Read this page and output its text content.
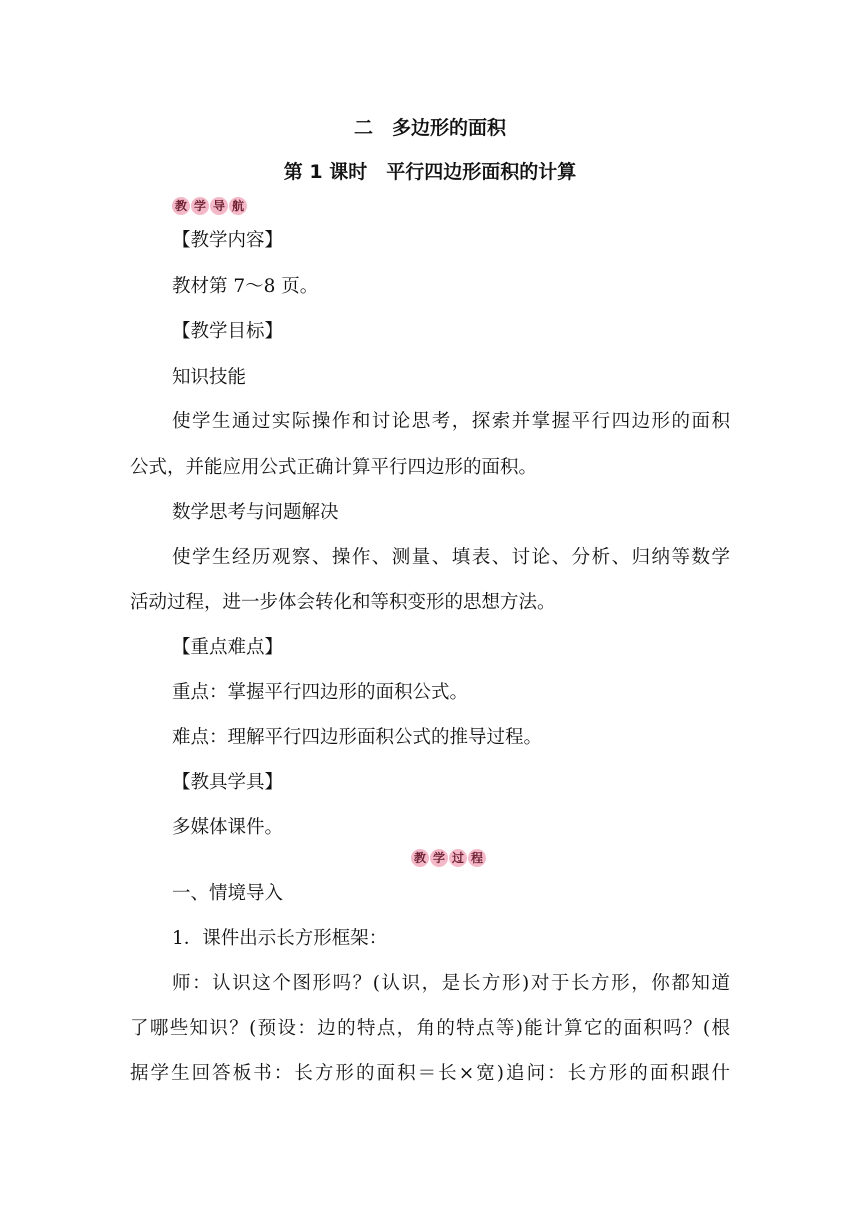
二　多边形的面积
第 1 课时　平行四边形面积的计算
教 学 导 航
【教学内容】
教材第 7～8 页。
【教学目标】
知识技能
使学生通过实际操作和讨论思考，探索并掌握平行四边形的面积
公式，并能应用公式正确计算平行四边形的面积。
数学思考与问题解决
使学生经历观察、操作、测量、填表、讨论、分析、归纳等数学
活动过程，进一步体会转化和等积变形的思想方法。
【重点难点】
重点：掌握平行四边形的面积公式。
难点：理解平行四边形面积公式的推导过程。
【教具学具】
多媒体课件。
教 学 过 程
一、情境导入
1．课件出示长方形框架：
师：认识这个图形吗？(认识，是长方形)对于长方形，你都知道
了哪些知识？(预设：边的特点，角的特点等)能计算它的面积吗？(根
据学生回答板书：长方形的面积＝长×宽)追问：长方形的面积跟什
